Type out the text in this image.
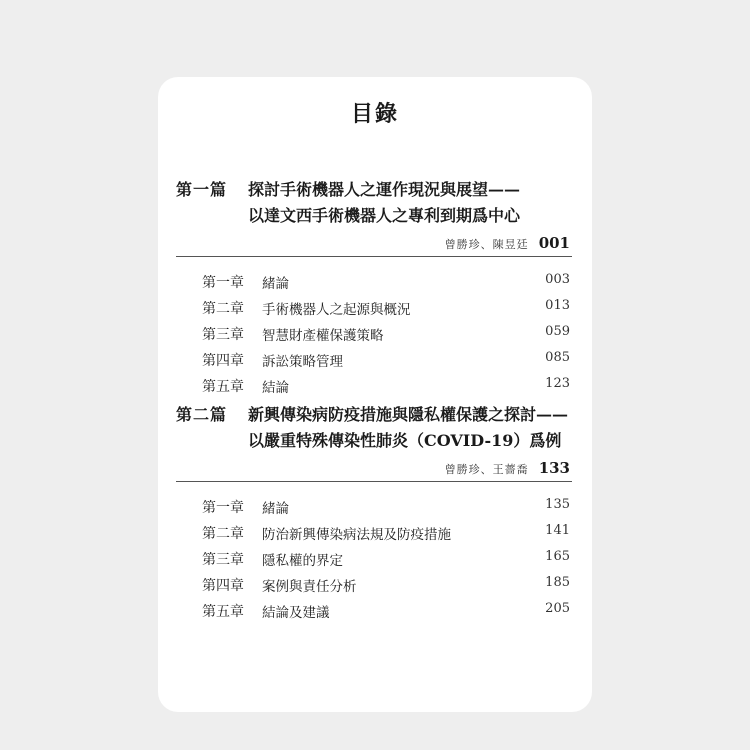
目錄
第一篇 探討手術機器人之運作現況與展望——
以達文西手術機器人之專利到期爲中心
曾勝珍、陳昱廷 001
第一章 緒論	003
第二章 手術機器人之起源與概況	013
第三章 智慧財產權保護策略	059
第四章 訴訟策略管理	085
第五章 結論	123
第二篇 新興傳染病防疫措施與隱私權保護之探討——
以嚴重特殊傳染性肺炎（COVID-19）爲例
曾勝珍、王薔喬 133
第一章 緒論	135
第二章 防治新興傳染病法規及防疫措施	141
第三章 隱私權的界定	165
第四章 案例與責任分析	185
第五章 結論及建議	205
